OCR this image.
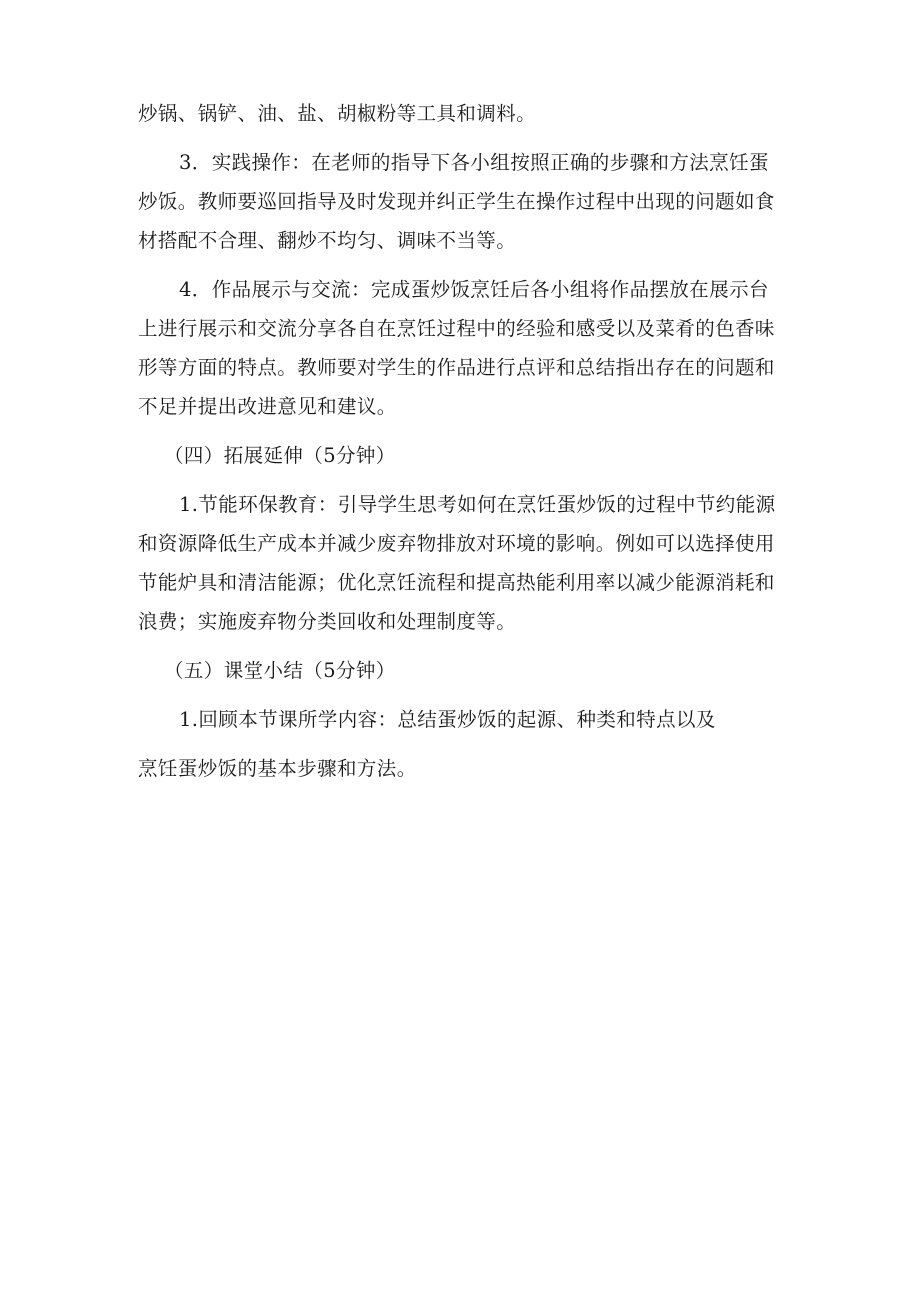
炒锅、锅铲、油、盐、胡椒粉等工具和调料。

3．实践操作：在老师的指导下各小组按照正确的步骤和方法烹饪蛋
炒饭。教师要巡回指导及时发现并纠正学生在操作过程中出现的问题如食
材搭配不合理、翻炒不均匀、调味不当等。

4．作品展示与交流：完成蛋炒饭烹饪后各小组将作品摆放在展示台
上进行展示和交流分享各自在烹饪过程中的经验和感受以及菜肴的色香味
形等方面的特点。教师要对学生的作品进行点评和总结指出存在的问题和
不足并提出改进意见和建议。

（四）拓展延伸（5分钟）

1.节能环保教育：引导学生思考如何在烹饪蛋炒饭的过程中节约能源
和资源降低生产成本并减少废弃物排放对环境的影响。例如可以选择使用
节能炉具和清洁能源；优化烹饪流程和提高热能利用率以减少能源消耗和
浪费；实施废弃物分类回收和处理制度等。

（五）课堂小结（5分钟）

1.回顾本节课所学内容：总结蛋炒饭的起源、种类和特点以及

烹饪蛋炒饭的基本步骤和方法。
